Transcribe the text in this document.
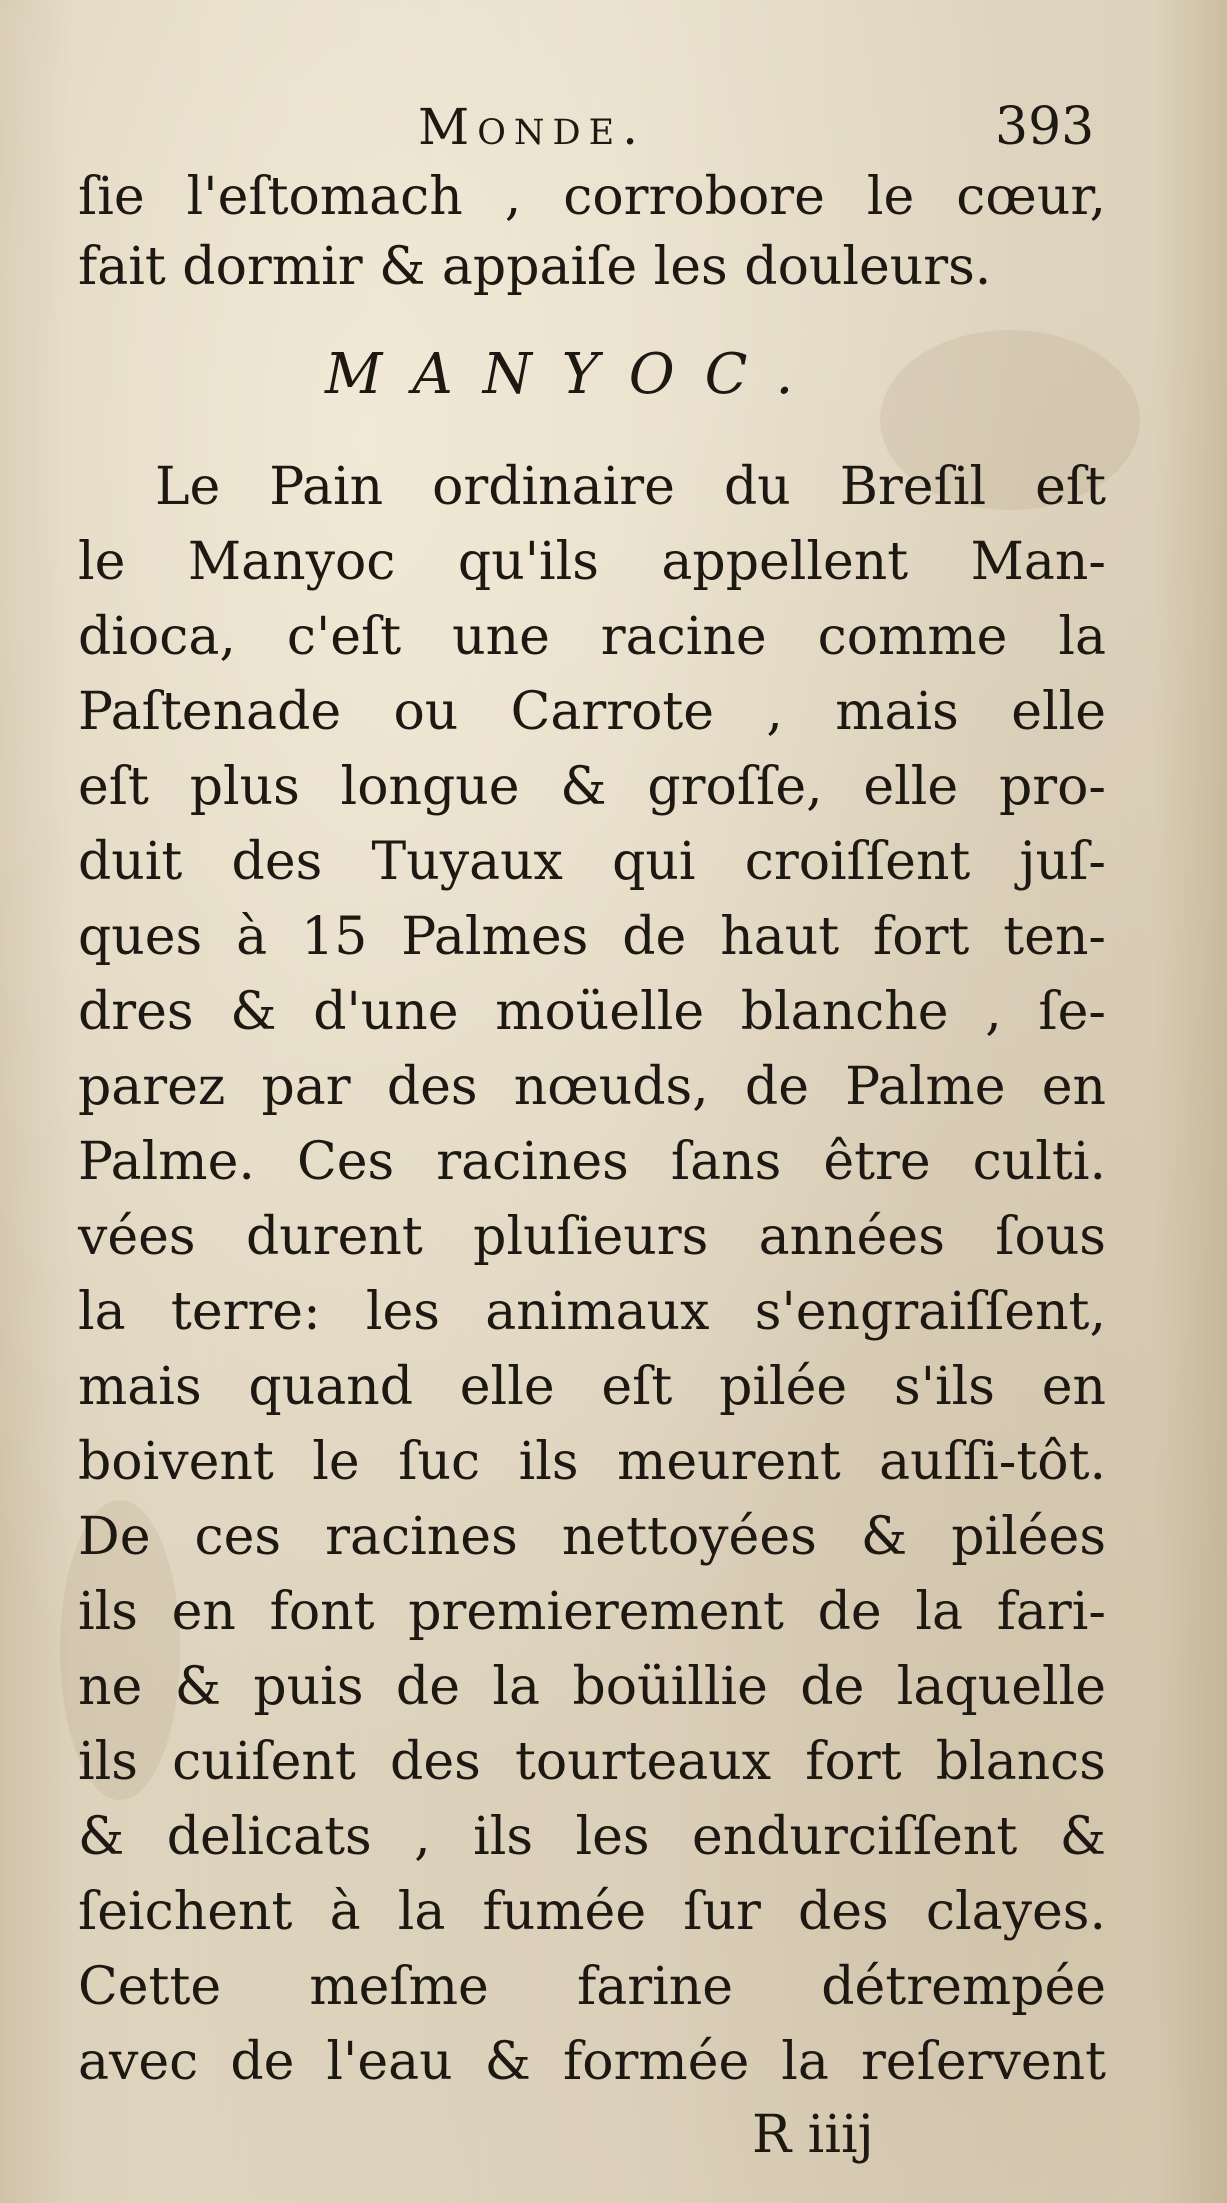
Monde.	393
ſie l'eſtomach , corrobore le cœur,
fait dormir & appaiſe les douleurs.
MANYOC.
Le Pain ordinaire du Breſil eſt
le Manyoc qu'ils appellent Man-
dioca, c'eſt une racine comme la
Paſtenade ou Carrote , mais elle
eſt plus longue & groſſe, elle pro-
duit des Tuyaux qui croiſſent juſ-
ques à 15 Palmes de haut fort ten-
dres & d'une moüelle blanche , ſe-
parez par des nœuds, de Palme en
Palme. Ces racines ſans être culti.
vées durent pluſieurs années ſous
la terre: les animaux s'engraiſſent,
mais quand elle eſt pilée s'ils en
boivent le ſuc ils meurent auſſi-tôt.
De ces racines nettoyées & pilées
ils en font premierement de la fari-
ne & puis de la boüillie de laquelle
ils cuiſent des tourteaux fort blancs
& delicats , ils les endurciſſent &
ſeichent à la fumée ſur des clayes.
Cette meſme farine détrempée
avec de l'eau & formée la reſervent
R iiij
